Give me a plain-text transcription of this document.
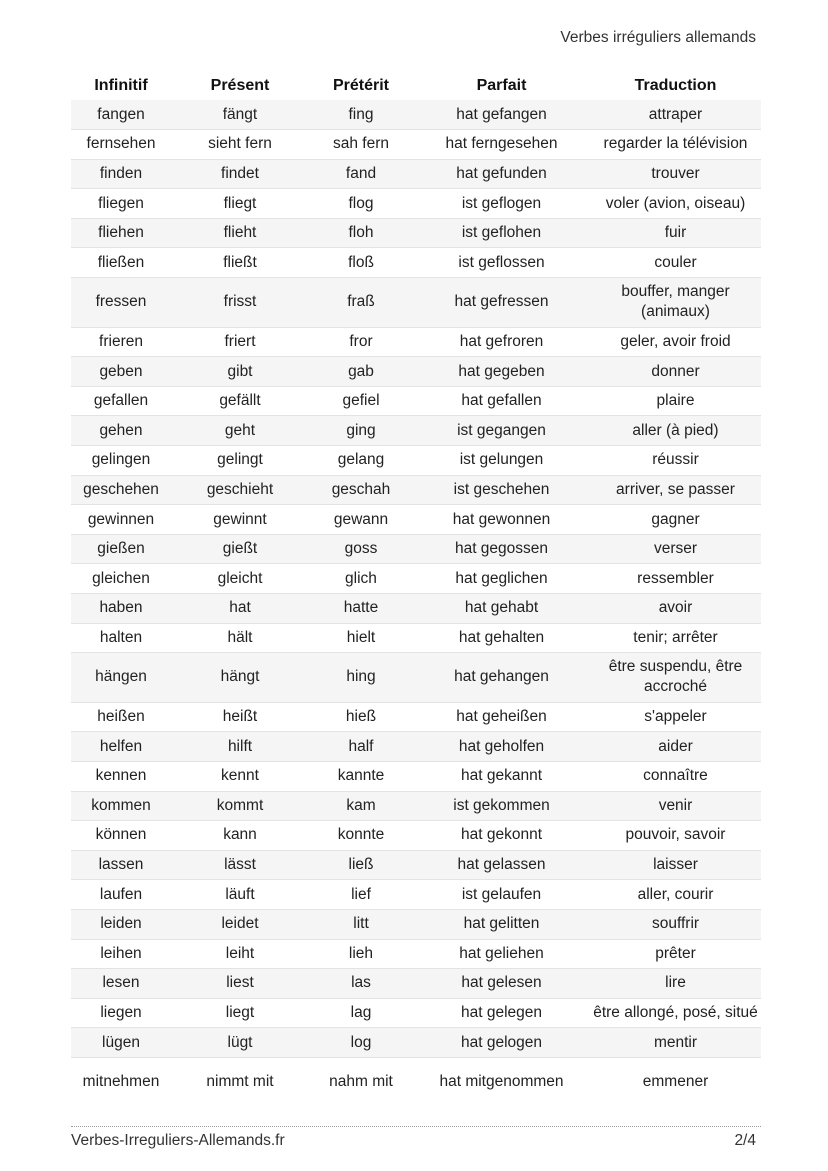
Verbes irréguliers allemands
Infinitif	Présent	Prétérit	Parfait	Traduction
fangen	fängt	fing	hat gefangen	attraper
fernsehen	sieht fern	sah fern	hat ferngesehen	regarder la télévision
finden	findet	fand	hat gefunden	trouver
fliegen	fliegt	flog	ist geflogen	voler (avion, oiseau)
fliehen	flieht	floh	ist geflohen	fuir
fließen	fließt	floß	ist geflossen	couler
fressen	frisst	fraß	hat gefressen	bouffer, manger (animaux)
frieren	friert	fror	hat gefroren	geler, avoir froid
geben	gibt	gab	hat gegeben	donner
gefallen	gefällt	gefiel	hat gefallen	plaire
gehen	geht	ging	ist gegangen	aller (à pied)
gelingen	gelingt	gelang	ist gelungen	réussir
geschehen	geschieht	geschah	ist geschehen	arriver, se passer
gewinnen	gewinnt	gewann	hat gewonnen	gagner
gießen	gießt	goss	hat gegossen	verser
gleichen	gleicht	glich	hat geglichen	ressembler
haben	hat	hatte	hat gehabt	avoir
halten	hält	hielt	hat gehalten	tenir; arrêter
hängen	hängt	hing	hat gehangen	être suspendu, être accroché
heißen	heißt	hieß	hat geheißen	s'appeler
helfen	hilft	half	hat geholfen	aider
kennen	kennt	kannte	hat gekannt	connaître
kommen	kommt	kam	ist gekommen	venir
können	kann	konnte	hat gekonnt	pouvoir, savoir
lassen	lässt	ließ	hat gelassen	laisser
laufen	läuft	lief	ist gelaufen	aller, courir
leiden	leidet	litt	hat gelitten	souffrir
leihen	leiht	lieh	hat geliehen	prêter
lesen	liest	las	hat gelesen	lire
liegen	liegt	lag	hat gelegen	être allongé, posé, situé
lügen	lügt	log	hat gelogen	mentir
mitnehmen	nimmt mit	nahm mit	hat mitgenommen	emmener
Verbes-Irreguliers-Allemands.fr	2/4
